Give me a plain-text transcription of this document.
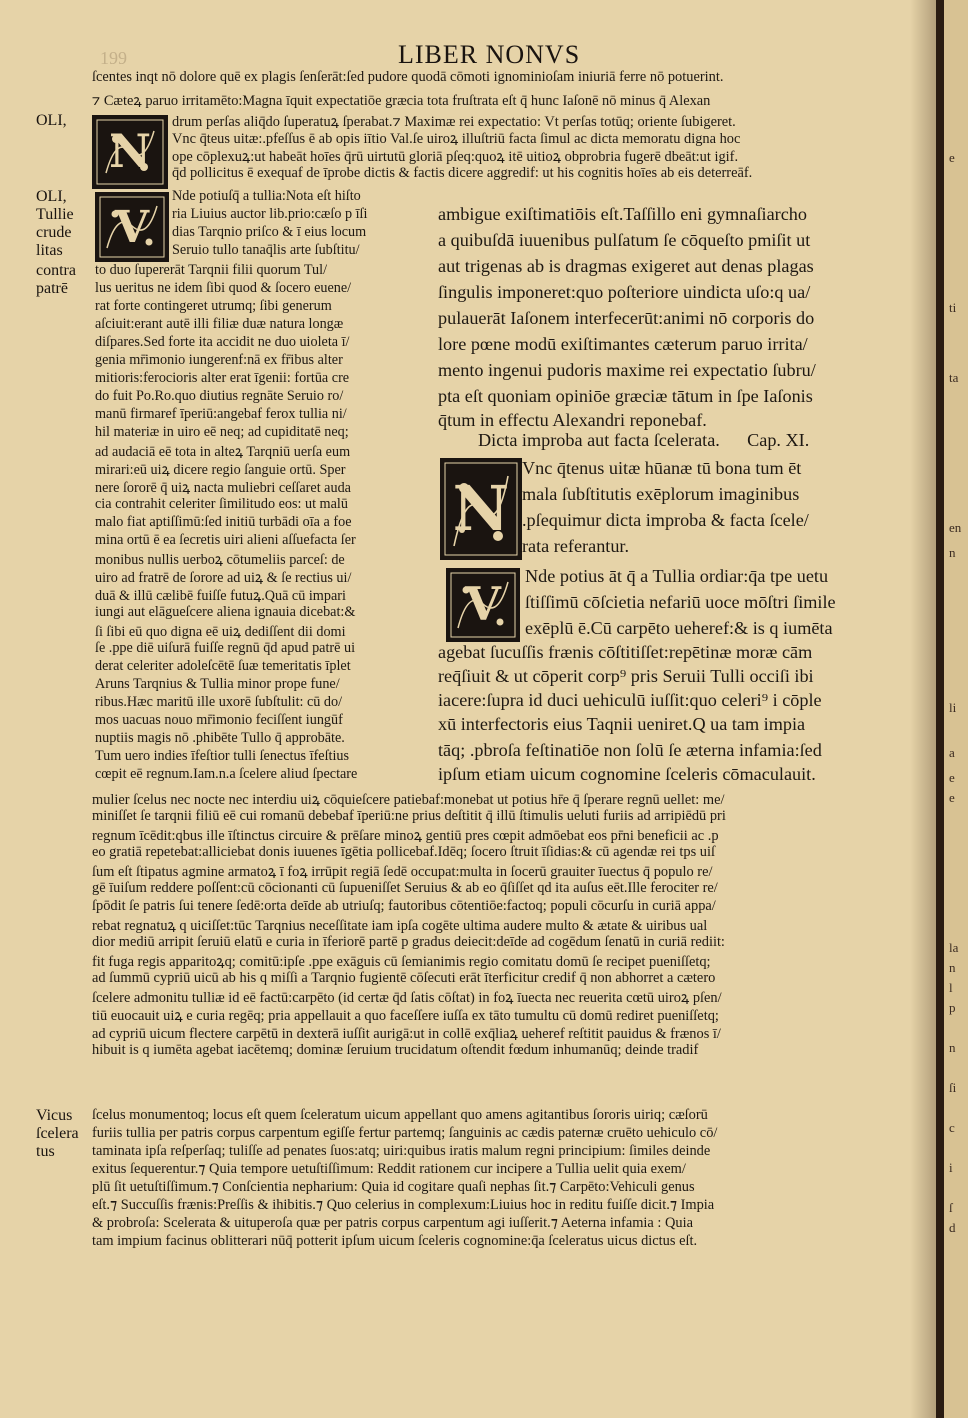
199	LIBER NONVS
OLI,
OLI,
Tullie
crude
litas
contra
patrē
Vicus
ſcelera
tus
N
V
N
V
ſcentes inqt nō dolore quē ex plagis ſenſerāt:ſed pudore quodā cōmoti ignominioſam iniuriā ferre nō potuerint.
⁊ Cæteꝝ paruo irritamēto:Magna īquit expectatiōe græcia tota fruſtrata eſt q̄ hunc Iaſonē nō minus q̄ Alexan
drum perſas aliq̄do ſuperatuꝝ ſperabat.⁊ Maximæ rei expectatio: Vt perſas totūq; oriente ſubigeret.
Vnc q̄teus uitæ:.pfeſſus ē ab opis iītio Val.ſe uiroꝝ illuſtriū facta ſimul ac dicta memoratu digna hoc
ope cōplexuꝝ:ut habeāt hoīes q̄rū uirtutū gloriā pſeq:quoꝝ itē uitioꝝ obprobria fugerē dbeāt:ut igif.
q̄d pollicitus ē exequaf de īprobe dictis & factis dicere aggredif: ut his cognitis hoīes ab eis deterreāf.
Nde potiuſq̄ a tullia:Nota eſt hiſto
ria Liuius auctor lib.prio:cæſo p īſi
dias Tarqnio priſco & ī eius locum
Seruio tullo tanaq̄lis arte ſubſtitu/
to duo ſupererāt Tarqnii filii quorum Tul/
lus ueritus ne idem ſibi quod & ſocero euene/
rat forte contingeret utrumq; ſibi generum
aſciuit:erant autē illi filiæ duæ natura longæ
diſpares.Sed forte ita accidit ne duo uioleta ī/
genia mr̄imonio iungerenf:nā ex fr̄ibus alter
mitioris:ferocioris alter erat īgenii: fortūa cre
do fuit Po.Ro.quo diutius regnāte Seruio ro/
manū firmaref īperiū:angebaf ferox tullia ni/
hil materiæ in uiro eē neq; ad cupiditatē neq;
ad audaciā eē tota in alteꝝ Tarqniū uerſa eum
mirari:eū uiꝝ dicere regio ſanguie ortū. Sper
nere ſororē q̄ uiꝝ nacta muliebri ceſſaret auda
cia contrahit celeriter ſimilitudo eos: ut malū
malo fiat aptiſſimū:ſed initiū turbādi oīa a foe
mina ortū ē ea ſecretis uiri alieni aſſuefacta ſer
monibus nullis uerboꝝ cōtumeliis parceſ: de
uiro ad fratrē de ſorore ad uiꝝ & ſe rectius ui/
duā & illū cælibē fuiſſe futuꝝ.Quā cū impari
iungi aut elāgueſcere aliena ignauia dicebat:&
ſi ſibi eū quo digna eē uiꝝ dediſſent dii domi
ſe .ppe diē uiſurā fuiſſe regnū q̄d apud patrē ui
derat celeriter adoleſcētē ſuæ temeritatis īplet
Aruns Tarqnius & Tullia minor prope fune/
ribus.Hæc maritū ille uxorē ſubſtulit: cū do/
mos uacuas nouo mr̄imonio feciſſent iungūf
nuptiis magis nō .phibēte Tullo q̄ approbāte.
Tum uero indies īfeſtior tulli ſenectus īfeſtius
cœpit eē regnum.Iam.n.a ſcelere aliud ſpectare
ambigue exiſtimatiōis eſt.Taſſillo eni gymnaſiarcho
a quibuſdā iuuenibus pulſatum ſe cōqueſto pmiſit ut
aut trigenas ab is dragmas exigeret aut denas plagas
ſingulis imponeret:quo poſteriore uindicta uſo:q ua/
pulauerāt Iaſonem interfecerūt:animi nō corporis do
lore pœne modū exiſtimantes cæterum paruo irrita/
mento ingenui pudoris maxime rei expectatio ſubru/
pta eſt quoniam opiniōe græciæ tātum in ſpe Iaſonis
q̄tum in effectu Alexandri reponebaf.
Dicta improba aut facta ſcelerata.      Cap. XI.
Vnc q̄tenus uitæ hūanæ tū bona tum ēt
mala ſubſtitutis exēplorum imaginibus
.pſequimur dicta improba & facta ſcele/
rata referantur.
Nde potius āt q̄ a Tullia ordiar:q̄a tpe uetu
ſtiſſimū cōſcietia nefariū uoce mōſtri ſimile
exēplū ē.Cū carpēto ueheref:& is q iumēta
agebat ſucuſſis frænis cōſtitiſſet:repētinæ moræ cām
req̄ſiuit & ut cōperit corp⁹ pris Seruii Tulli occiſi ibi
iacere:ſupra id duci uehiculū iuſſit:quo celeri⁹ i cōple
xū interfectoris eius Taqnii ueniret.Q ua tam impia
tāq; .pbroſa feſtinatiōe non ſolū ſe æterna infamia:ſed
ipſum etiam uicum cognomine ſceleris cōmaculauit.
mulier ſcelus nec nocte nec interdiu uiꝝ cōquieſcere patiebaf:monebat ut potius hr̄e q̄ ſperare regnū uellet: me/
miniſſet ſe tarqnii filiū eē cui romanū debebaf īperiū:ne prius deſtitit q̄ illū ſtimulis ueluti furiis ad arripiēdū pri
regnum īcēdit:qbus ille īſtinctus circuire & prēſare minoꝝ gentiū pres cœpit admōebat eos pr̄ni beneficii ac .p
eo gratiā repetebat:alliciebat donis iuuenes īgētia pollicebaf.Idēq; ſocero ſtruit īſidias:& cū agendæ rei tps uiſ
ſum eſt ſtipatus agmine armatoꝝ ī foꝝ irrūpit regiā ſedē occupat:multa in ſocerū grauiter īuectus q̄ populo re/
gē īuiſum reddere poſſent:cū cōcionanti cū ſupueniſſet Seruius & ab eo q̄ſiſſet qd ita auſus eēt.Ille ferociter re/
ſpōdit ſe patris ſui tenere ſedē:orta deīde ab utriuſq; fautoribus cōtentiōe:factoq; populi cōcurſu in curiā appa/
rebat regnatuꝝ q uiciſſet:tūc Tarqnius neceſſitate iam ipſa cogēte ultima audere multo & ætate & uiribus ual
dior mediū arripit ſeruiū elatū e curia in īferiorē partē p gradus deiecit:deīde ad cogēdum ſenatū in curiā rediit:
fit fuga regis apparitoꝝq; comitū:ipſe .ppe exāguis cū ſemianimis regio comitatu domū ſe recipet pueniſſetq;
ad ſummū cypriū uicū ab his q miſſi a Tarqnio fugientē cōſecuti erāt īterficitur credif q̄ non abhorret a cætero
ſcelere admonitu tulliæ id eē factū:carpēto (id certæ q̄d ſatis cōſtat) in foꝝ īuecta nec reuerita cœtū uiroꝝ pſen/
tiū euocauit uiꝝ e curia regēq; pria appellauit a quo faceſſere iuſſa ex tāto tumultu cū domū rediret pueniſſetq;
ad cypriū uicum flectere carpētū in dexterā iuſſit aurigā:ut in collē exq̄liaꝝ ueheref reſtitit pauidus & frænos ī/
hibuit is q iumēta agebat iacētemq; dominæ ſeruium trucidatum oſtendit fœdum inhumanūq; deinde tradif
ſcelus monumentoq; locus eſt quem ſceleratum uicum appellant quo amens agitantibus ſororis uiriq; cæſorū
furiis tullia per patris corpus carpentum egiſſe fertur partemq; ſanguinis ac cædis paternæ cruēto uehiculo cō/
taminata ipſa reſperſaq; tuliſſe ad penates ſuos:atq; uiri:quibus iratis malum regni principium: ſimiles deinde
exitus ſequerentur.⁊ Quia tempore uetuſtiſſimum: Reddit rationem cur incipere a Tullia uelit quia exem/
plū ſit uetuſtiſſimum.⁊ Conſcientia nepharium: Quia id cogitare quaſi nephas ſit.⁊ Carpēto:Vehiculi genus
eſt.⁊ Succuſſis frænis:Preſſis & ihibitis.⁊ Quo celerius in complexum:Liuius hoc in reditu fuiſſe dicit.⁊ Impia
& probroſa: Scelerata & uituperoſa quæ per patris corpus carpentum agi iuſſerit.⁊ Aeterna infamia : Quia
tam impium facinus oblitterari nūq̄ potterit ipſum uicum ſceleris cognomine:q̄a ſceleratus uicus dictus eſt.
e
ti
ta
en
n
li
a
e
e
la
n
l
p
n
ſi
c
i
ſ
d
